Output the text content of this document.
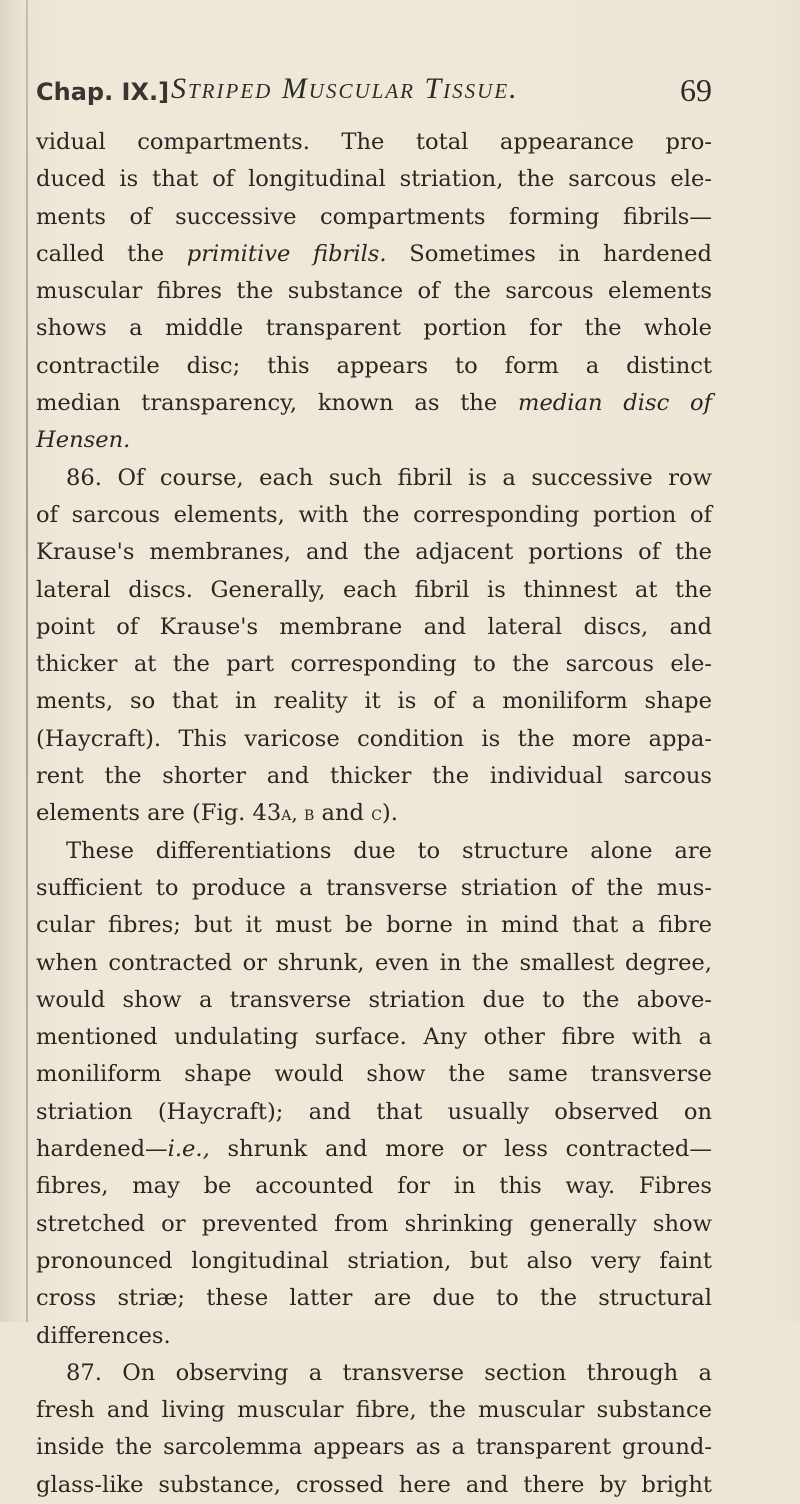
Chap. IX.] Striped Muscular Tissue.	69
vidual compartments. The total appearance pro-
duced is that of longitudinal striation, the sarcous ele-
ments of successive compartments forming fibrils—
called the primitive fibrils. Sometimes in hardened
muscular fibres the substance of the sarcous elements
shows a middle transparent portion for the whole
contractile disc; this appears to form a distinct
median transparency, known as the median disc of
Hensen.
86. Of course, each such fibril is a successive row
of sarcous elements, with the corresponding portion of
Krause's membranes, and the adjacent portions of the
lateral discs. Generally, each fibril is thinnest at the
point of Krause's membrane and lateral discs, and
thicker at the part corresponding to the sarcous ele-
ments, so that in reality it is of a moniliform shape
(Haycraft). This varicose condition is the more appa-
rent the shorter and thicker the individual sarcous
elements are (Fig. 43a, b and c).
These differentiations due to structure alone are
sufficient to produce a transverse striation of the mus-
cular fibres; but it must be borne in mind that a fibre
when contracted or shrunk, even in the smallest degree,
would show a transverse striation due to the above-
mentioned undulating surface. Any other fibre with a
moniliform shape would show the same transverse
striation (Haycraft); and that usually observed on
hardened—i.e., shrunk and more or less contracted—
fibres, may be accounted for in this way. Fibres
stretched or prevented from shrinking generally show
pronounced longitudinal striation, but also very faint
cross striæ; these latter are due to the structural
differences.
87. On observing a transverse section through a
fresh and living muscular fibre, the muscular substance
inside the sarcolemma appears as a transparent ground-
glass-like substance, crossed here and there by bright
